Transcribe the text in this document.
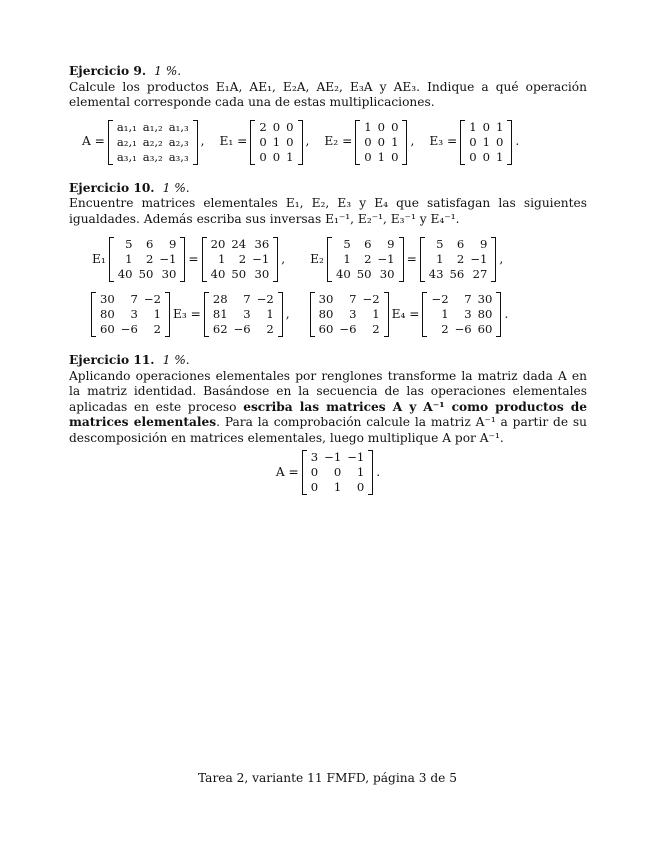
Ejercicio 9. 1 %.

Calcule los productos E₁A, AE₁, E₂A, AE₂, E₃A y AE₃. Indique a qué operación elemental corresponde cada una de estas multiplicaciones.

A =
a₁,₁	a₁,₂	a₁,₃
a₂,₁	a₂,₂	a₂,₃
a₃,₁	a₃,₂	a₃,₃
, E₁ =
2	0	0
0	1	0
0	0	1
, E₂ =
1	0	0
0	0	1
0	1	0
, E₃ =
1	0	1
0	1	0
0	0	1
.
Ejercicio 10. 1 %.

Encuentre matrices elementales E₁, E₂, E₃ y E₄ que satisfagan las siguientes igualdades. Además escriba sus inversas E₁⁻¹, E₂⁻¹, E₃⁻¹ y E₄⁻¹.

E₁
5	6	9
1	2	−1
40	50	30
=
20	24	36
1	2	−1
40	50	30
, E₂
5	6	9
1	2	−1
40	50	30
=
5	6	9
1	2	−1
43	56	27
,
30	7	−2
80	3	1
60	−6	2
E₃ =
28	7	−2
81	3	1
62	−6	2
,
30	7	−2
80	3	1
60	−6	2
E₄ =
−2	7	30
1	3	80
2	−6	60
.
Ejercicio 11. 1 %.

Aplicando operaciones elementales por renglones transforme la matriz dada A en la matriz identidad. Basándose en la secuencia de las operaciones elementales aplicadas en este proceso escriba las matrices A y A⁻¹ como productos de matrices elementales. Para la comprobación calcule la matriz A⁻¹ a partir de su descomposición en matrices elementales, luego multiplique A por A⁻¹.

A =
3	−1	−1
0	0	1
0	1	0
.
Tarea 2, variante 11 FMFD, página 3 de 5
